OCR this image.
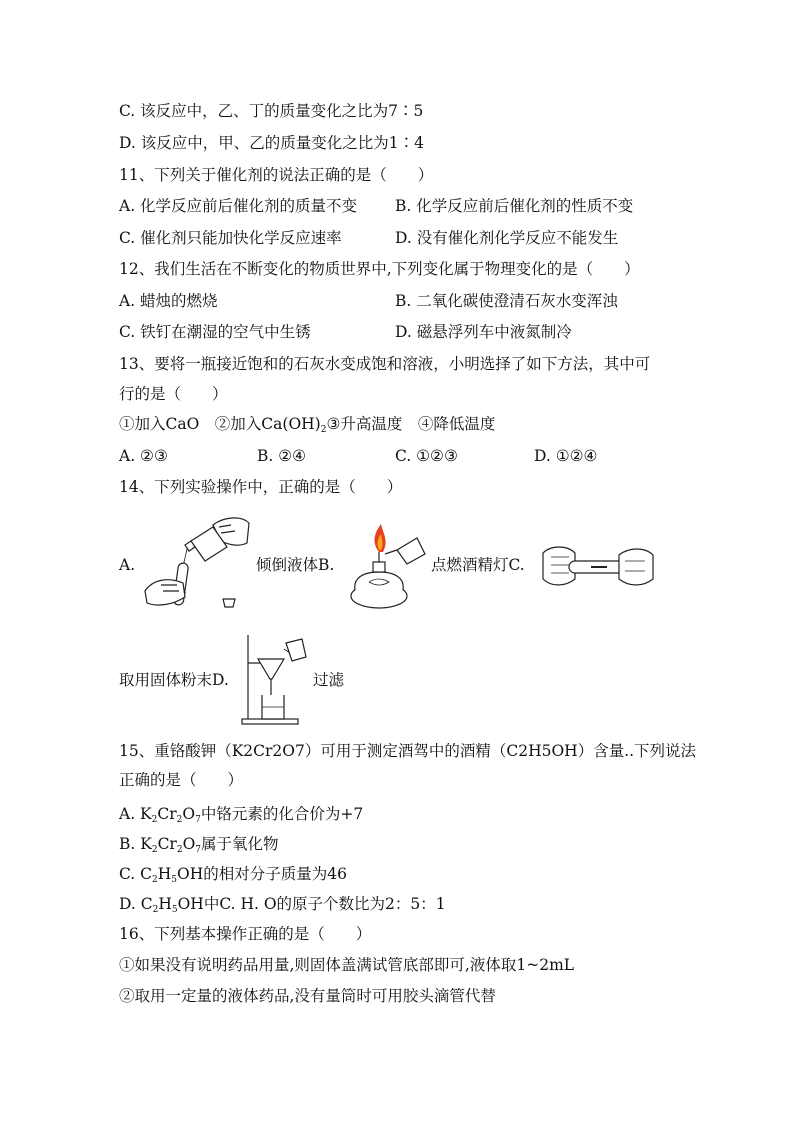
C. 该反应中，乙、丁的质量变化之比为7∶5
D. 该反应中，甲、乙的质量变化之比为1∶4
11、下列关于催化剂的说法正确的是（　　）
A. 化学反应前后催化剂的质量不变 B. 化学反应前后催化剂的性质不变
C. 催化剂只能加快化学反应速率	D. 没有催化剂化学反应不能发生
12、我们生活在不断变化的物质世界中,下列变化属于物理变化的是（　　）
A. 蜡烛的燃烧	B. 二氧化碳使澄清石灰水变浑浊
C. 铁钉在潮湿的空气中生锈	D. 磁悬浮列车中液氮制冷
13、要将一瓶接近饱和的石灰水变成饱和溶液，小明选择了如下方法，其中可
行的是（　　）
①加入CaO　②加入$Ca(OH)_2③$升高温度　④降低温度
A. ②③	B. ②④	C. ①②③	D. ①②④
14、下列实验操作中，正确的是（　　）
A.	倾倒液体B.	点燃酒精灯C.
取用固体粉末D.	过滤
15、重铬酸钾（K2Cr2O7）可用于测定酒驾中的酒精（C2H5OH）含量..下列说法
正确的是（　　）
A. $K_2Cr_2O_7$中铬元素的化合价为+7
B. $K_2Cr_2O_7$属于氧化物
C. $C_2H_5OH$的相对分子质量为46
D. $C_2H_5OH$中C. H. O的原子个数比为2：5：1
16、下列基本操作正确的是（　　）
①如果没有说明药品用量,则固体盖满试管底部即可,液体取1~2mL
②取用一定量的液体药品,没有量筒时可用胶头滴管代替
